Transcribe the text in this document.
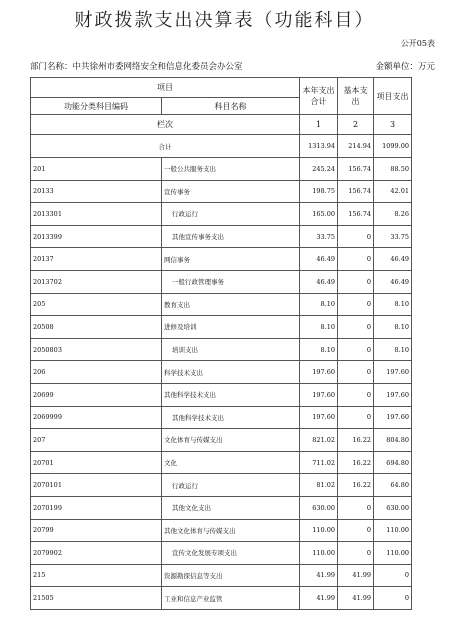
财政拨款支出决算表（功能科目）
公开05表
部门名称：中共徐州市委网络安全和信息化委员会办公室	金额单位：万元
项目		本年支出合计	基本支出	项目支出
功能分类科目编码	科目名称			
栏次		1	2	3
合计		1313.94	214.94	1099.00
201	一般公共服务支出	245.24	156.74	88.50
20133	宣传事务	198.75	156.74	42.01
2013301	行政运行	165.00	156.74	8.26
2013399	其他宣传事务支出	33.75	0	33.75
20137	网信事务	46.49	0	46.49
2013702	一般行政管理事务	46.49	0	46.49
205	教育支出	8.10	0	8.10
20508	进修及培训	8.10	0	8.10
2050803	培训支出	8.10	0	8.10
206	科学技术支出	197.60	0	197.60
20699	其他科学技术支出	197.60	0	197.60
2069999	其他科学技术支出	197.60	0	197.60
207	文化体育与传媒支出	821.02	16.22	804.80
20701	文化	711.02	16.22	694.80
2070101	行政运行	81.02	16.22	64.80
2070199	其他文化支出	630.00	0	630.00
20799	其他文化体育与传媒支出	110.00	0	110.00
2079902	宣传文化发展专项支出	110.00	0	110.00
215	资源勘探信息等支出	41.99	41.99	0
21505	工业和信息产业监管	41.99	41.99	0
